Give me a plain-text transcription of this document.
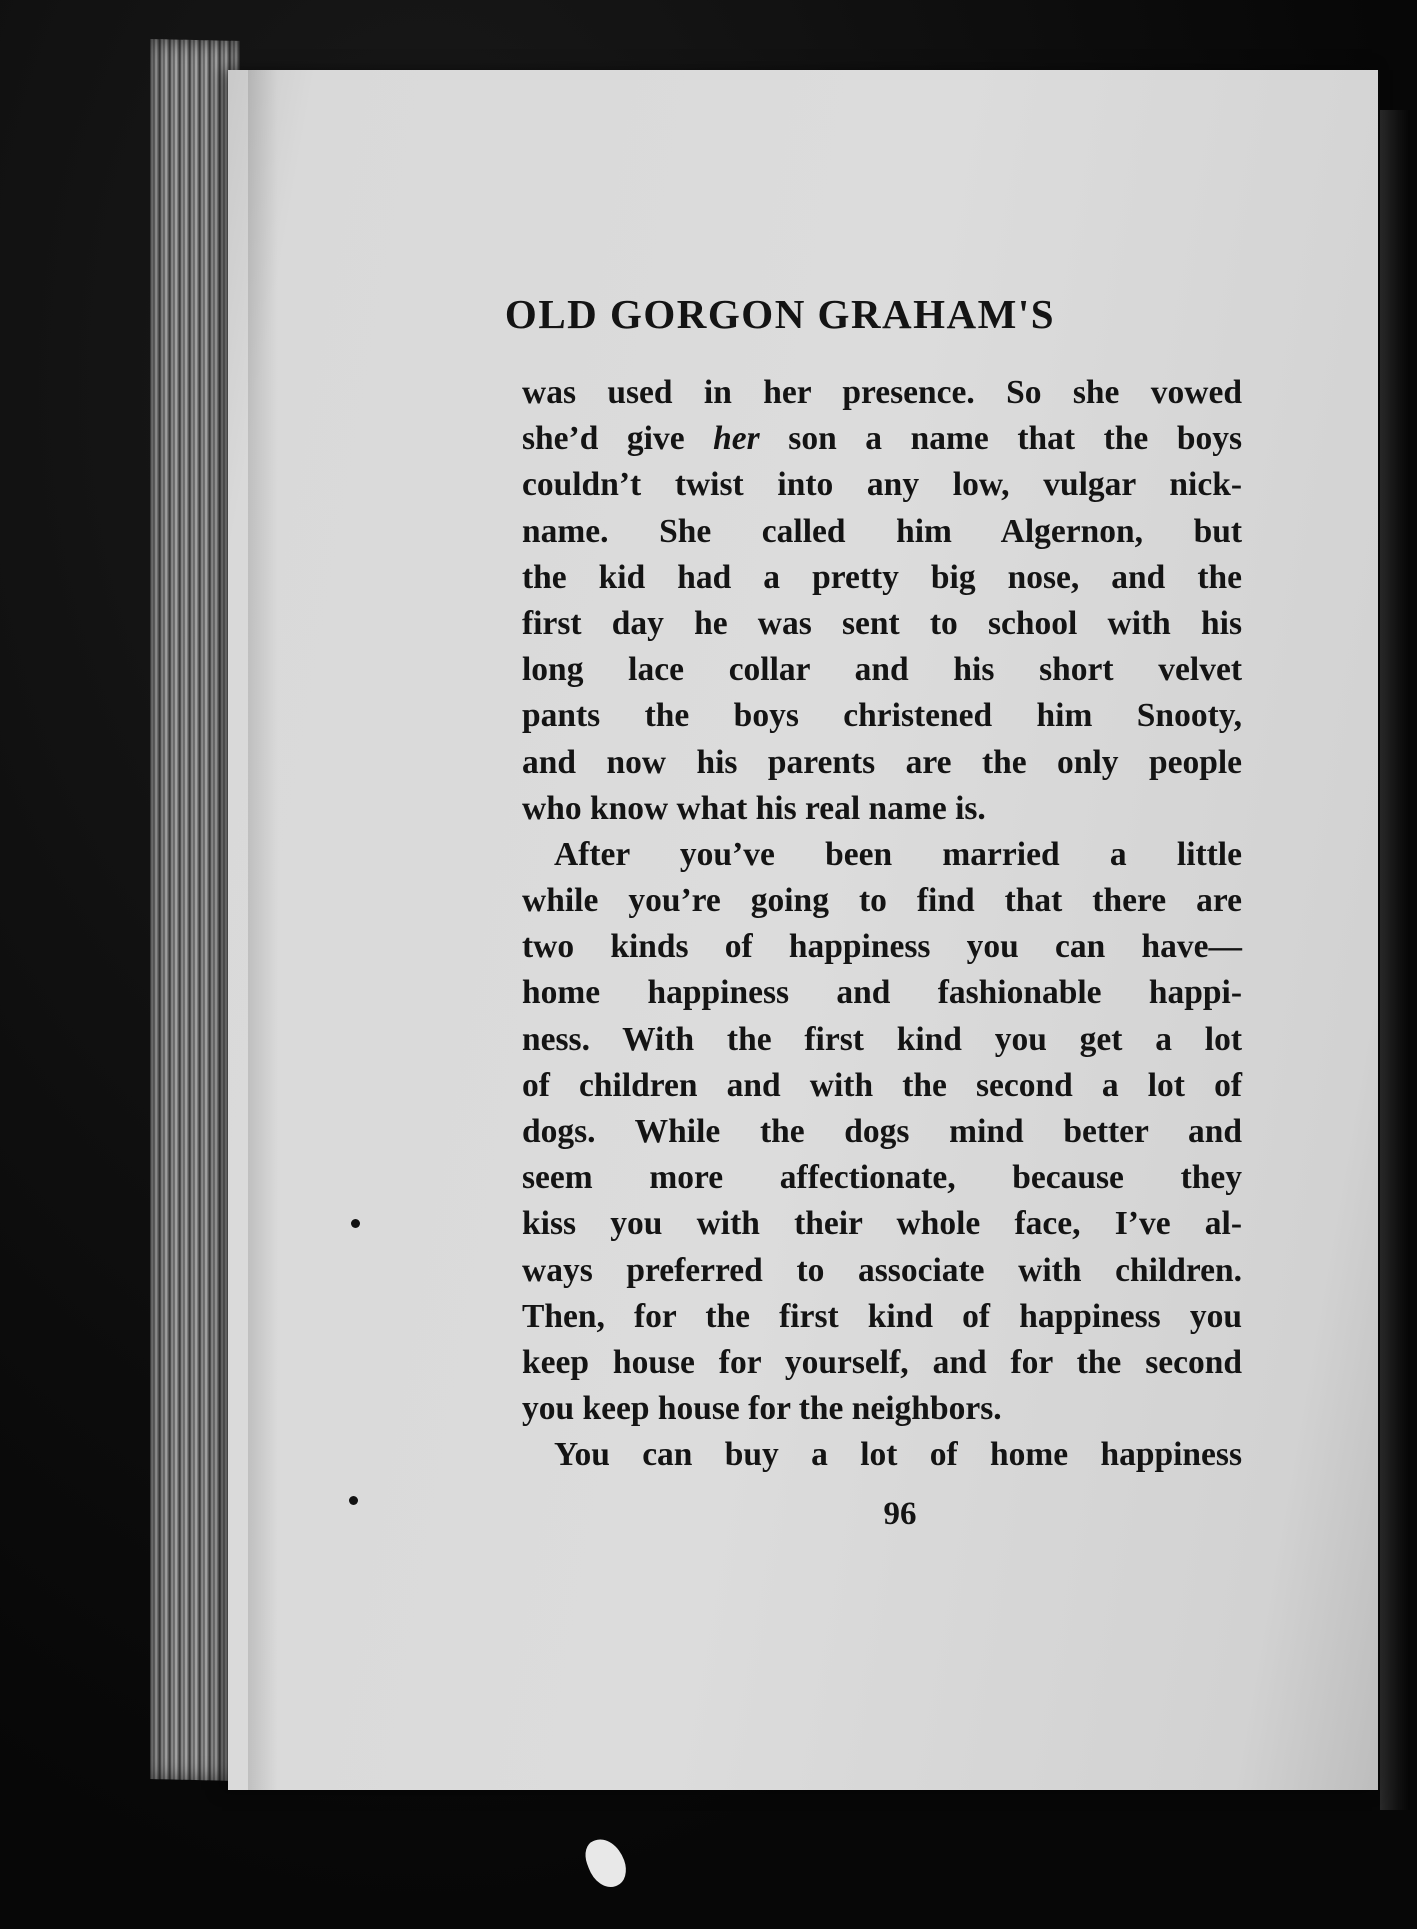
OLD GORGON GRAHAM'S
was used in her presence. So she vowed
she’d give her son a name that the boys
couldn’t twist into any low, vulgar nick-
name. She called him Algernon, but
the kid had a pretty big nose, and the
first day he was sent to school with his
long lace collar and his short velvet
pants the boys christened him Snooty,
and now his parents are the only people
who know what his real name is.
After you’ve been married a little
while you’re going to find that there are
two kinds of happiness you can have—
home happiness and fashionable happi-
ness. With the first kind you get a lot
of children and with the second a lot of
dogs. While the dogs mind better and
seem more affectionate, because they
kiss you with their whole face, I’ve al-
ways preferred to associate with children.
Then, for the first kind of happiness you
keep house for yourself, and for the second
you keep house for the neighbors.
You can buy a lot of home happiness
96
